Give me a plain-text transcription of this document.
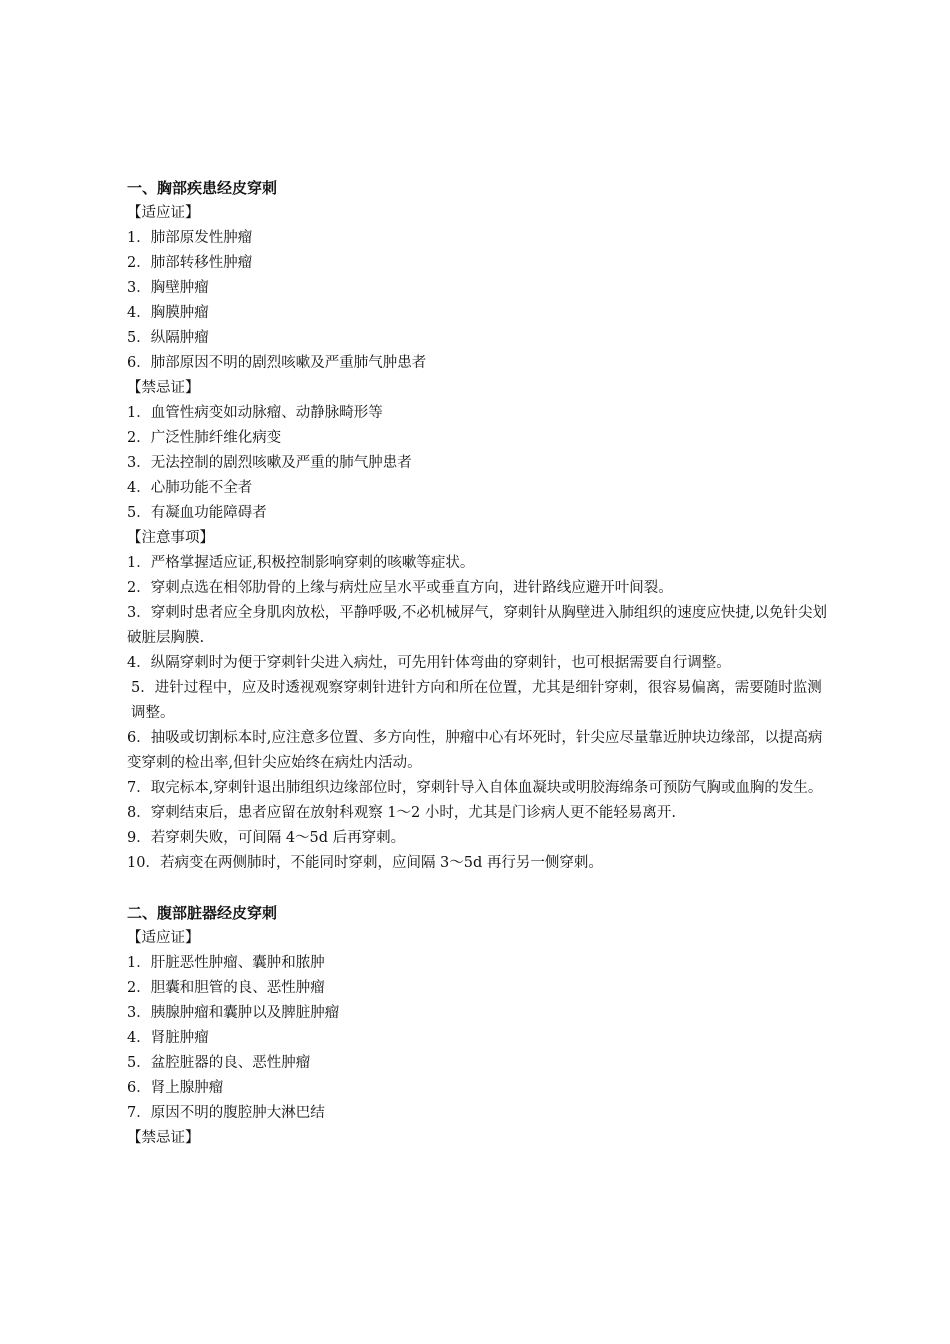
一、胸部疾患经皮穿刺
【适应证】
1．肺部原发性肿瘤
2．肺部转移性肿瘤
3．胸壁肿瘤
4．胸膜肿瘤
5．纵隔肿瘤
6．肺部原因不明的剧烈咳嗽及严重肺气肿患者
【禁忌证】
1．血管性病变如动脉瘤、动静脉畸形等
2．广泛性肺纤维化病变
3．无法控制的剧烈咳嗽及严重的肺气肿患者
4．心肺功能不全者
5．有凝血功能障碍者
【注意事项】
1．严格掌握适应证,积极控制影响穿刺的咳嗽等症状。
2．穿刺点选在相邻肋骨的上缘与病灶应呈水平或垂直方向，进针路线应避开叶间裂。
3．穿刺时患者应全身肌肉放松，平静呼吸,不必机械屏气，穿刺针从胸壁进入肺组织的速度应快捷,以免针尖划破脏层胸膜.
4．纵隔穿刺时为便于穿刺针尖进入病灶，可先用针体弯曲的穿刺针，也可根据需要自行调整。
5．进针过程中，应及时透视观察穿刺针进针方向和所在位置，尤其是细针穿刺，很容易偏离，需要随时监测调整。
6．抽吸或切割标本时,应注意多位置、多方向性，肿瘤中心有坏死时，针尖应尽量靠近肿块边缘部，以提高病变穿刺的检出率,但针尖应始终在病灶内活动。
7．取完标本,穿刺针退出肺组织边缘部位时，穿刺针导入自体血凝块或明胶海绵条可预防气胸或血胸的发生。
8．穿刺结束后，患者应留在放射科观察 1～2 小时，尤其是门诊病人更不能轻易离开.
9．若穿刺失败，可间隔 4～5d 后再穿刺。
10．若病变在两侧肺时，不能同时穿刺，应间隔 3～5d 再行另一侧穿刺。
二、腹部脏器经皮穿刺
【适应证】
1．肝脏恶性肿瘤、囊肿和脓肿
2．胆囊和胆管的良、恶性肿瘤
3．胰腺肿瘤和囊肿以及脾脏肿瘤
4．肾脏肿瘤
5．盆腔脏器的良、恶性肿瘤
6．肾上腺肿瘤
7．原因不明的腹腔肿大淋巴结
【禁忌证】
